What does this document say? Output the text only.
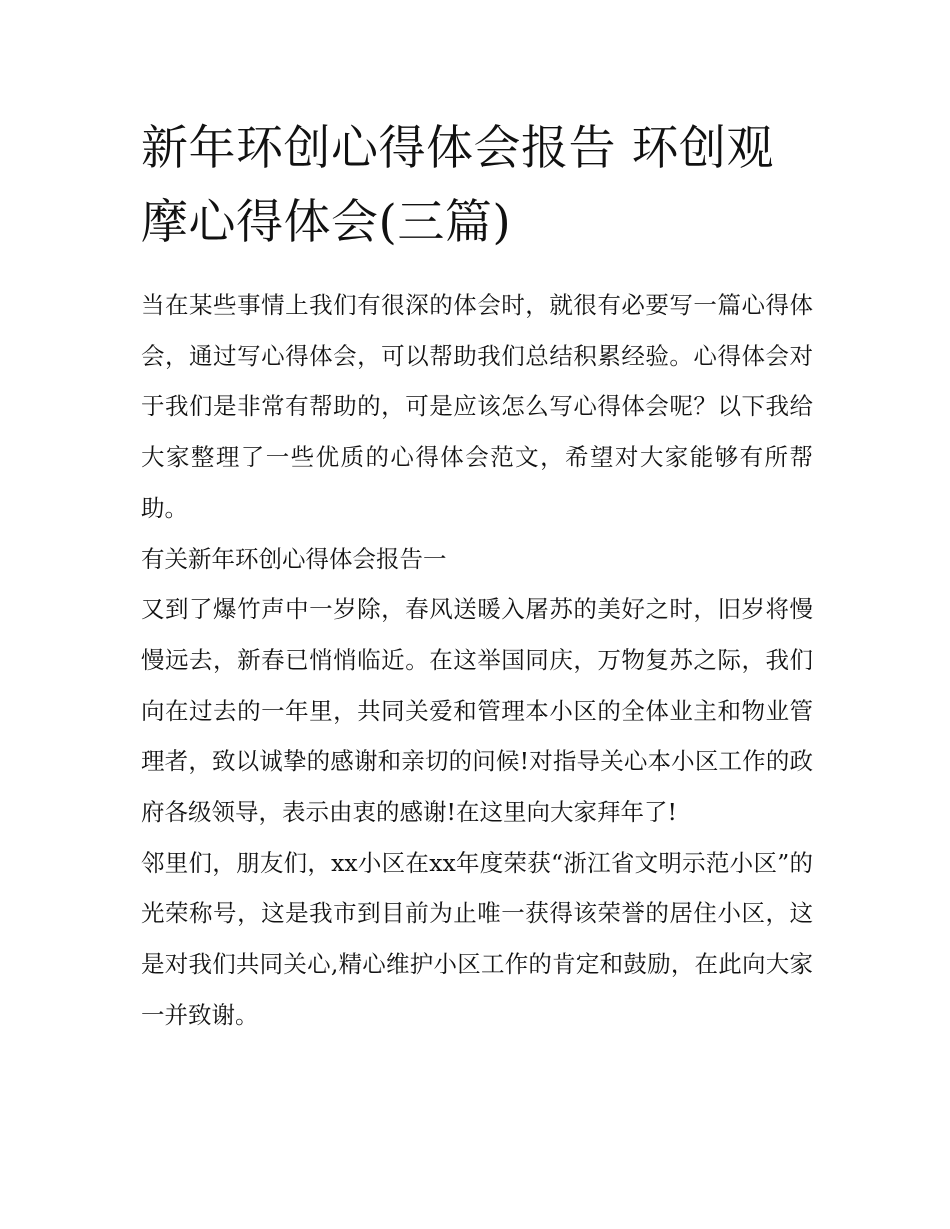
新年环创心得体会报告 环创观摩心得体会(三篇)

当在某些事情上我们有很深的体会时，就很有必要写一篇心得体会，通过写心得体会，可以帮助我们总结积累经验。心得体会对于我们是非常有帮助的，可是应该怎么写心得体会呢？以下我给大家整理了一些优质的心得体会范文，希望对大家能够有所帮助。

有关新年环创心得体会报告一

又到了爆竹声中一岁除，春风送暖入屠苏的美好之时，旧岁将慢慢远去，新春已悄悄临近。在这举国同庆，万物复苏之际，我们向在过去的一年里，共同关爱和管理本小区的全体业主和物业管理者，致以诚挚的感谢和亲切的问候!对指导关心本小区工作的政府各级领导，表示由衷的感谢!在这里向大家拜年了!

邻里们，朋友们，xx小区在xx年度荣获“浙江省文明示范小区”的光荣称号，这是我市到目前为止唯一获得该荣誉的居住小区，这是对我们共同关心,精心维护小区工作的肯定和鼓励，在此向大家一并致谢。
